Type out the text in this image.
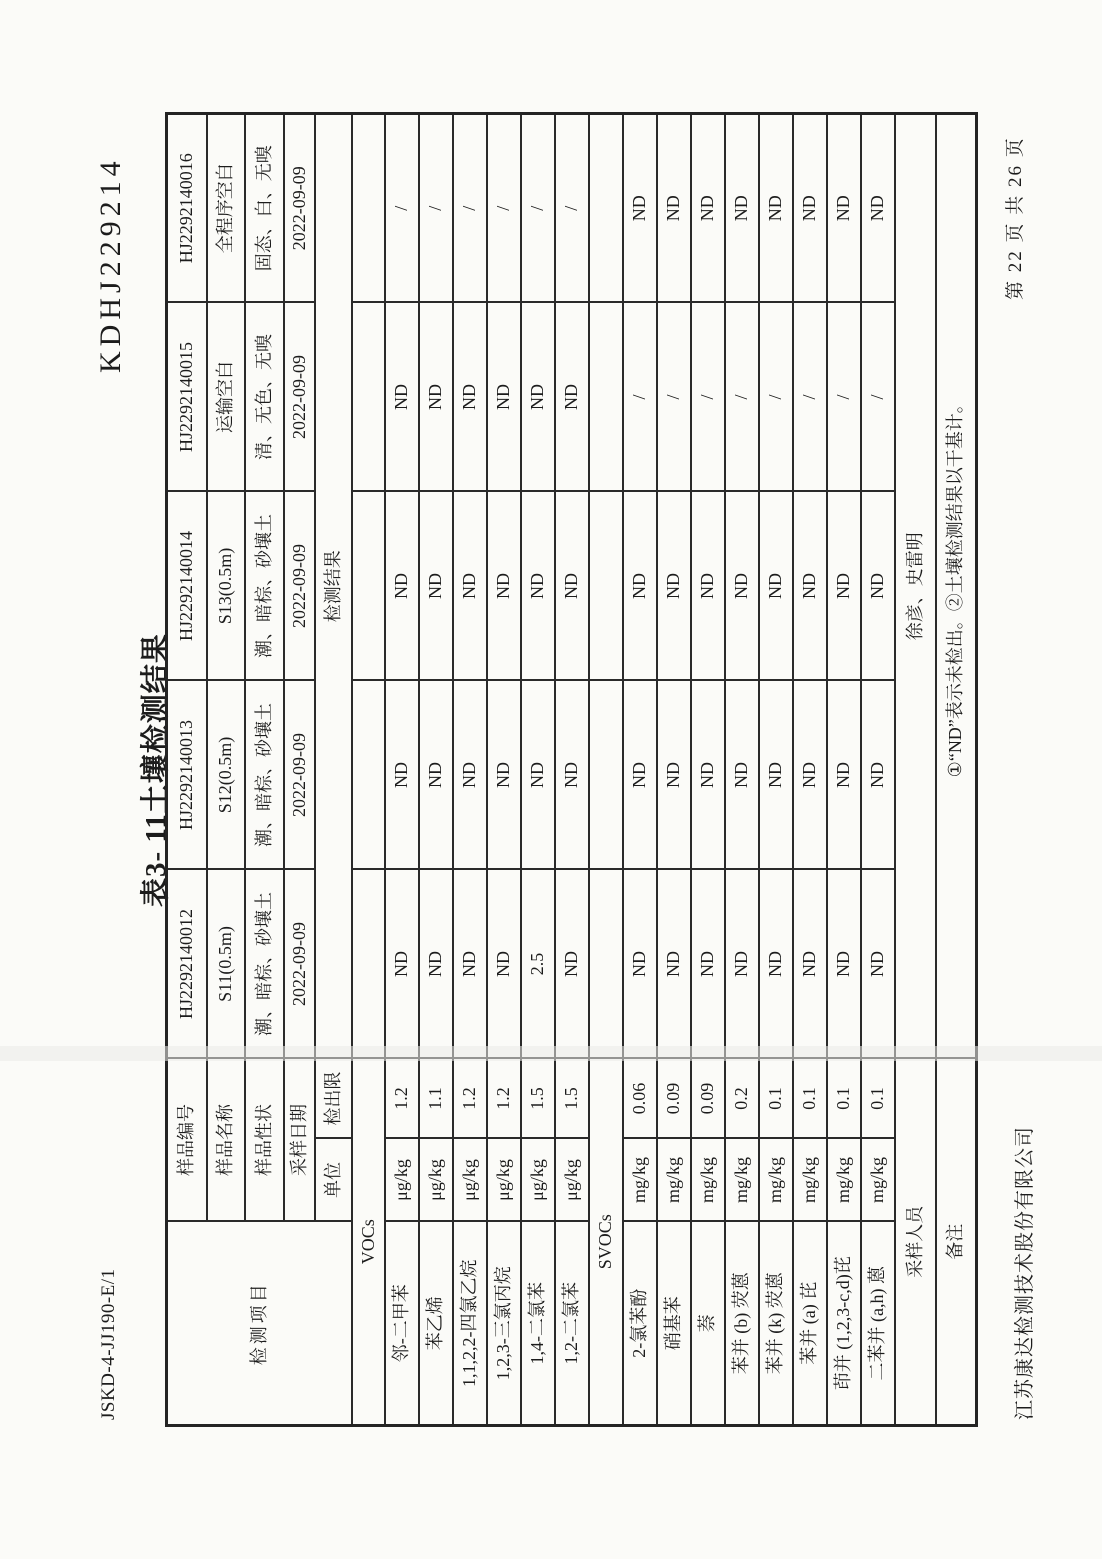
JSKD-4-JJ190-E/1
KDHJ229214
表3- 11土壤检测结果
检测项目	样品编号		HJ2292140012	HJ2292140013	HJ2292140014	HJ2292140015	HJ2292140016
	样品名称		S11(0.5m)	S12(0.5m)	S13(0.5m)	运输空白	全程序空白
	样品性状		潮、暗棕、砂壤土	潮、暗棕、砂壤土	潮、暗棕、砂壤土	清、无色、无嗅	固态、白、无嗅
	采样日期		2022-09-09	2022-09-09	2022-09-09	2022-09-09	2022-09-09
	单位	检出限	检测结果				
VOCs							
邻-二甲苯	μg/kg	1.2	ND	ND	ND	ND	/
苯乙烯	μg/kg	1.1	ND	ND	ND	ND	/
1,1,2,2-四氯乙烷	μg/kg	1.2	ND	ND	ND	ND	/
1,2,3-三氯丙烷	μg/kg	1.2	ND	ND	ND	ND	/
1,4-二氯苯	μg/kg	1.5	2.5	ND	ND	ND	/
1,2-二氯苯	μg/kg	1.5	ND	ND	ND	ND	/
SVOCs							
2-氯苯酚	mg/kg	0.06	ND	ND	ND	/	ND
硝基苯	mg/kg	0.09	ND	ND	ND	/	ND
萘	mg/kg	0.09	ND	ND	ND	/	ND
苯并 (b) 荧蒽	mg/kg	0.2	ND	ND	ND	/	ND
苯并 (k) 荧蒽	mg/kg	0.1	ND	ND	ND	/	ND
苯并 (a) 芘	mg/kg	0.1	ND	ND	ND	/	ND
茚并 (1,2,3-c,d)芘	mg/kg	0.1	ND	ND	ND	/	ND
二苯并 (a,h) 蒽	mg/kg	0.1	ND	ND	ND	/	ND
采样人员			徐彦、史雷明				
备注			①“ND”表示未检出。②土壤检测结果以干基计。				
江苏康达检测技术股份有限公司
第 22 页 共 26 页
